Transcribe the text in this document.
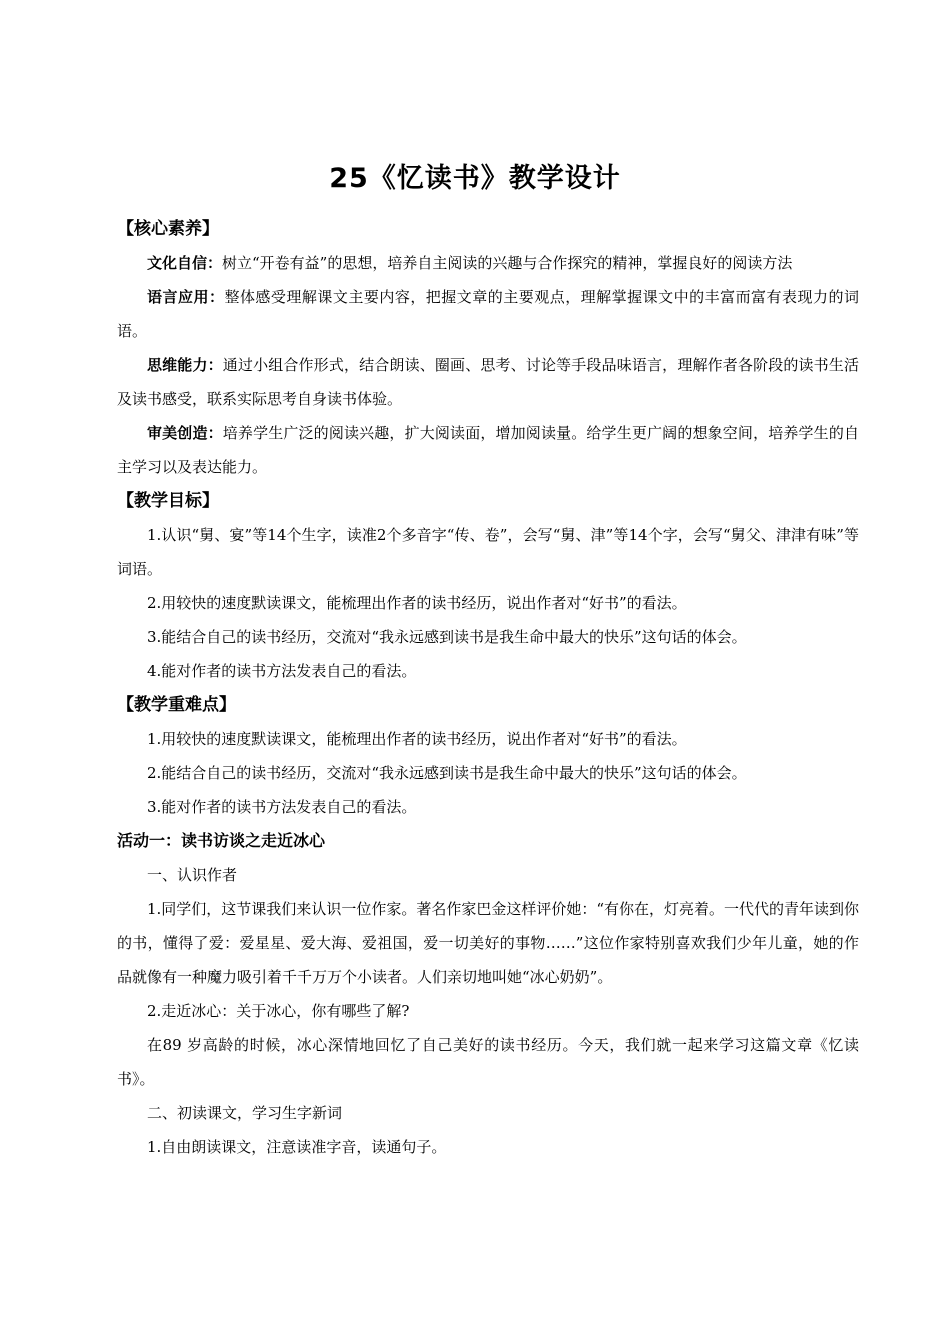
25《忆读书》教学设计

【核心素养】

文化自信：树立“开卷有益”的思想，培养自主阅读的兴趣与合作探究的精神，掌握良好的阅读方法

语言应用：整体感受理解课文主要内容，把握文章的主要观点，理解掌握课文中的丰富而富有表现力的词语。

思维能力：通过小组合作形式，结合朗读、圈画、思考、讨论等手段品味语言，理解作者各阶段的读书生活及读书感受，联系实际思考自身读书体验。

审美创造：培养学生广泛的阅读兴趣，扩大阅读面，增加阅读量。给学生更广阔的想象空间，培养学生的自主学习以及表达能力。

【教学目标】

1.认识“舅、宴”等14个生字，读准2个多音字“传、卷”，会写“舅、津”等14个字，会写“舅父、津津有味”等词语。

2.用较快的速度默读课文，能梳理出作者的读书经历，说出作者对“好书”的看法。

3.能结合自己的读书经历，交流对“我永远感到读书是我生命中最大的快乐”这句话的体会。

4.能对作者的读书方法发表自己的看法。

【教学重难点】

1.用较快的速度默读课文，能梳理出作者的读书经历，说出作者对“好书”的看法。

2.能结合自己的读书经历，交流对“我永远感到读书是我生命中最大的快乐”这句话的体会。

3.能对作者的读书方法发表自己的看法。

活动一：读书访谈之走近冰心

一、认识作者

1.同学们，这节课我们来认识一位作家。著名作家巴金这样评价她：“有你在，灯亮着。一代代的青年读到你的书，懂得了爱：爱星星、爱大海、爱祖国，爱一切美好的事物……”这位作家特别喜欢我们少年儿童，她的作品就像有一种魔力吸引着千千万万个小读者。人们亲切地叫她“冰心奶奶”。

2.走近冰心：关于冰心，你有哪些了解?

在89 岁高龄的时候，冰心深情地回忆了自己美好的读书经历。今天，我们就一起来学习这篇文章《忆读书》。

二、初读课文，学习生字新词

1.自由朗读课文，注意读准字音，读通句子。
